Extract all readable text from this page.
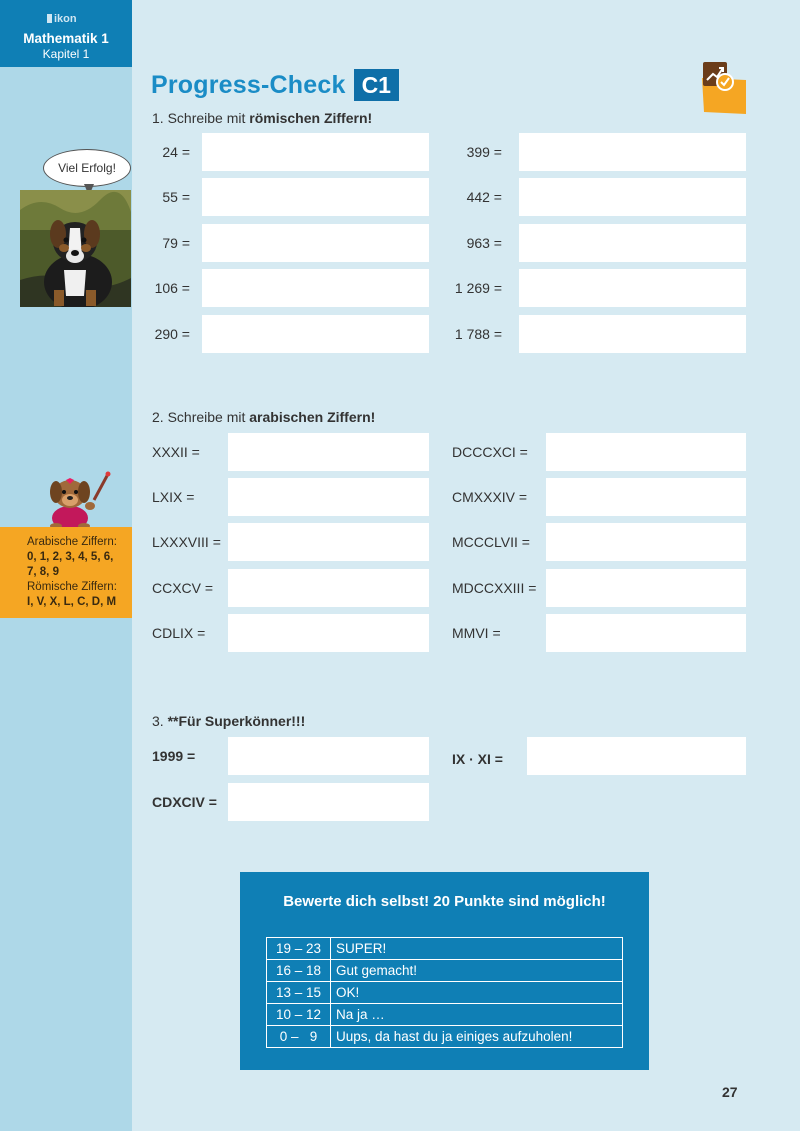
ikon
Mathematik 1
Kapitel 1
Viel Erfolg!
Arabische Ziffern:
0, 1, 2, 3, 4, 5, 6,
7, 8, 9
Römische Ziffern:
I, V, X, L, C, D, M
Progress-Check C1
1. Schreibe mit römischen Ziffern!
24 =
55 =
79 =
106 =
290 =
399 =
442 =
963 =
1 269 =
1 788 =
2. Schreibe mit arabischen Ziffern!
XXXII =
LXIX =
LXXXVIII =
CCXCV =
CDLIX =
DCCCXCI =
CMXXXIV =
MCCCLVII =
MDCCXXIII =
MMVI =
3. **Für Superkönner!!!
1999 =	IX · XI =
CDXCIV =
Bewerte dich selbst! 20 Punkte sind möglich!
19 – 23	SUPER!
16 – 18	Gut gemacht!
13 – 15	OK!
10 – 12	Na ja …
0 –   9	Uups, da hast du ja einiges aufzuholen!
27
